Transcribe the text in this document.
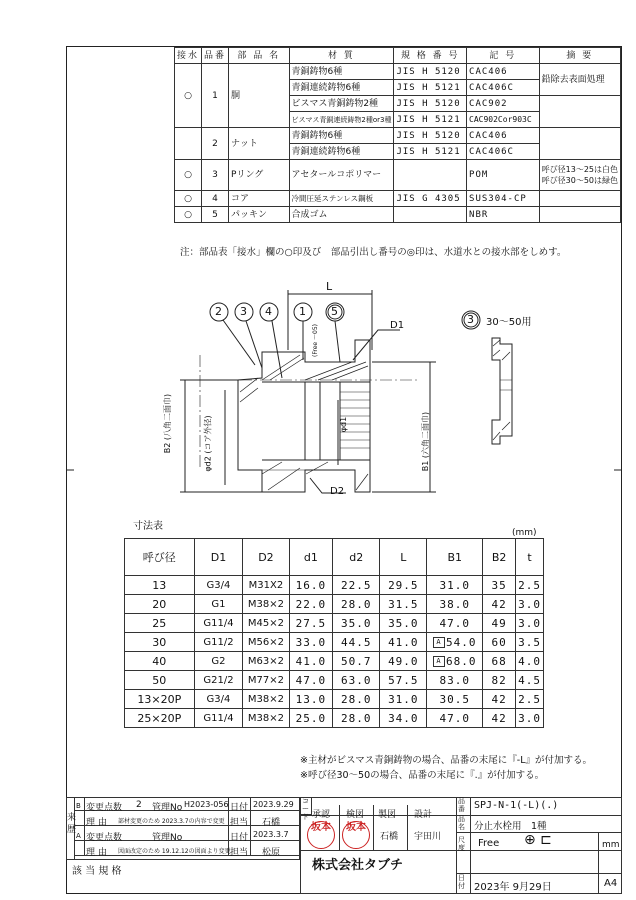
接水	品番	部 品 名	材 質	規 格 番 号	記 号	摘 要
○	1	胴	青銅鋳物6種	JIS H 5120	CAC406	鉛除去表面処理
			青銅連続鋳物6種	JIS H 5121	CAC406C	
			ビスマス青銅鋳物2種	JIS H 5120	CAC902	
			ビスマス青銅連続鋳物2種or3種	JIS H 5121	CAC902Cor903C	
	2	ナット	青銅鋳物6種	JIS H 5120	CAC406	
			青銅連続鋳物6種	JIS H 5121	CAC406C	
○	3	Pリング	アセタールコポリマー		POM	呼び径13～25は白色
呼び径30～50は緑色

○	4	コア	冷間圧延ステンレス鋼板	JIS G 4305	SUS304-CP	
○	5	パッキン	合成ゴム		NBR	
注：部品表「接水」欄の○印及び　部品引出し番号の◎印は、水道水との接水部をしめす。
2 3 4 1 5
L
D1
D2
B2 (八角二面巾)	φd2 (コア外径)	φd1	B1 (六角二面巾)
(Free ～05)
3 30～50用
寸法表
(mm)
呼び径	D1	D2	d1	d2	L	B1	B2	t
13	G3/4	M31X2	16.0	22.5	29.5	31.0	35	2.5
20	G1	M38×2	22.0	28.0	31.5	38.0	42	3.0
25	G11/4	M45×2	27.5	35.0	35.0	47.0	49	3.0
30	G11/2	M56×2	33.0	44.5	41.0	A 54.0	60	3.5
40	G2	M63×2	41.0	50.7	49.0	A 68.0	68	4.0
50	G21/2	M77×2	47.0	63.0	57.5	83.0	82	4.5
13×20P	G3/4	M38×2	13.0	28.0	31.0	30.5	42	2.5
25×20P	G11/4	M38×2	25.0	28.0	34.0	47.0	42	3.0
※主材がビスマス青銅鋳物の場合、品番の末尾に『-L』が付加する。
※呼び径30～50の場合、品番の末尾に『.』が付加する。
来歴
B 変更点数 2 管理No H2023-056 日付 2023.9.29
理 由 部材変更のため 2023.3.7の内容で変更 担当 石橋
A 変更点数	管理No	日付 2023.3.7
理 由 図面改定のため 19.12.12の図面より変更 担当 松原
該 当 規 格
コード 承認 検図 製図 設計
坂本	坂本
石橋 宇田川
品番 SPJ-N-1(-L)(.)
品名 分止水栓用　1種
尺度	Free ⊕ ⊏	mm
日付 2023年 9月29日	A4
株式会社タブチ
